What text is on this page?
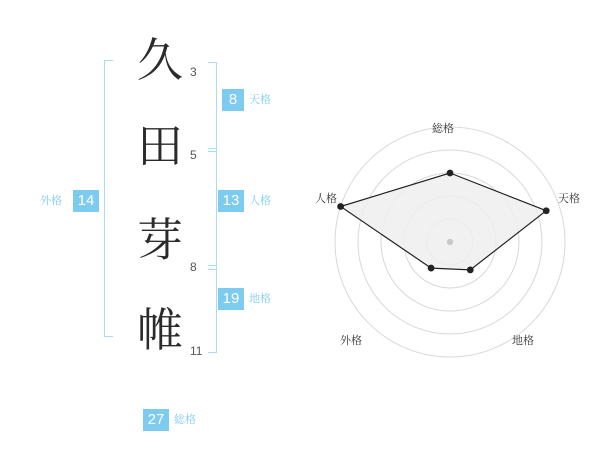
14
外格
久 3
8	天格
田 5
13 人格
芽
8
19 地格
帷 11
27 総格
総格
天格
地格
外格
人格
